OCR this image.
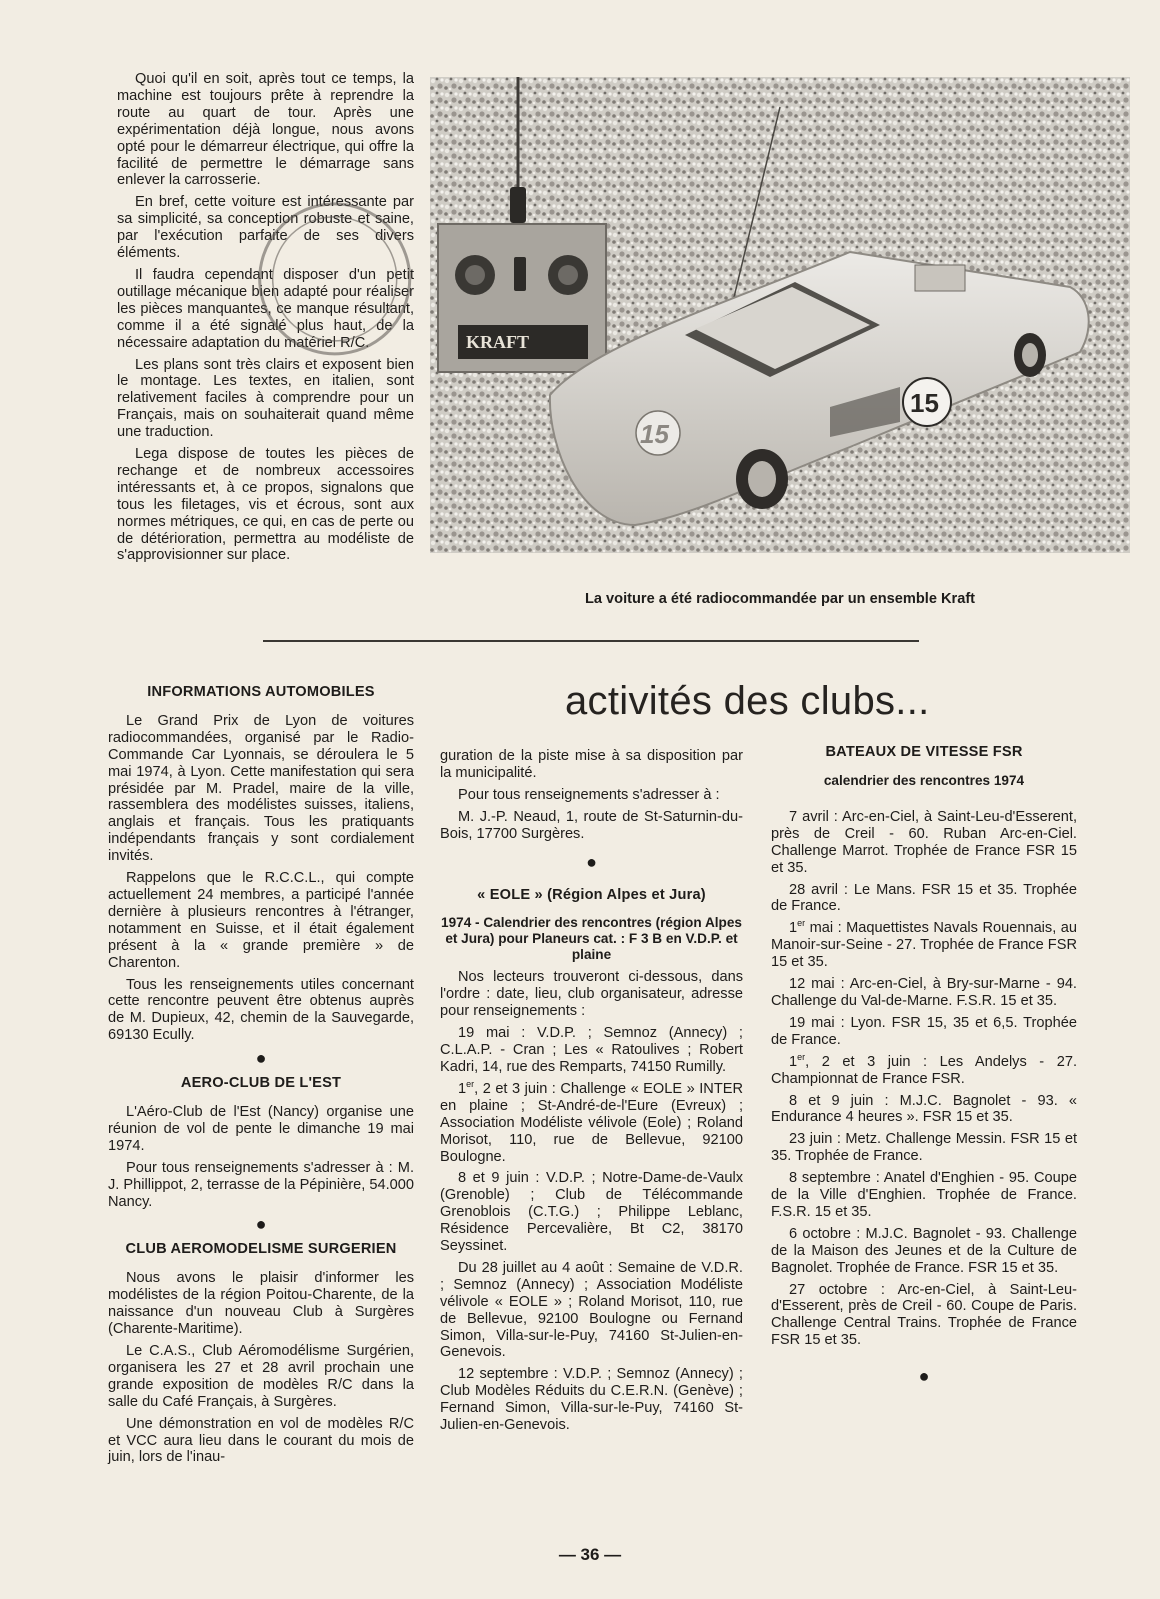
Quoi qu'il en soit, après tout ce temps, la machine est toujours prête à reprendre la route au quart de tour. Après une expérimentation déjà longue, nous avons opté pour le démarreur électrique, qui offre la facilité de permettre le démarrage sans enlever la carrosserie.

En bref, cette voiture est intéressante par sa simplicité, sa conception robuste et saine, par l'exécution parfaite de ses divers éléments.

Il faudra cependant disposer d'un petit outillage mécanique bien adapté pour réaliser les pièces manquantes, ce manque résultant, comme il a été signalé plus haut, de la nécessaire adaptation du matériel R/C.

Les plans sont très clairs et exposent bien le montage. Les textes, en italien, sont relativement faciles à comprendre pour un Français, mais on souhaiterait quand même une traduction.

Lega dispose de toutes les pièces de rechange et de nombreux accessoires intéressants et, à ce propos, signalons que tous les filetages, vis et écrous, sont aux normes métriques, ce qui, en cas de perte ou de détérioration, permettra au modéliste de s'approvisionner sur place.

KRAFT
15
15
La voiture a été radiocommandée par un ensemble Kraft
activités des clubs...
INFORMATIONS AUTOMOBILES

Le Grand Prix de Lyon de voitures radiocommandées, organisé par le Radio-Commande Car Lyonnais, se déroulera le 5 mai 1974, à Lyon. Cette manifestation qui sera présidée par M. Pradel, maire de la ville, rassemblera des modélistes suisses, italiens, anglais et français. Tous les pratiquants indépendants français y sont cordialement invités.

Rappelons que le R.C.C.L., qui compte actuellement 24 membres, a participé l'année dernière à plusieurs rencontres à l'étranger, notamment en Suisse, et il était également présent à la « grande première » de Charenton.

Tous les renseignements utiles concernant cette rencontre peuvent être obtenus auprès de M. Dupieux, 42, chemin de la Sauvegarde, 69130 Ecully.

●
AERO-CLUB DE L'EST

L'Aéro-Club de l'Est (Nancy) organise une réunion de vol de pente le dimanche 19 mai 1974.

Pour tous renseignements s'adresser à : M. J. Phillippot, 2, terrasse de la Pépinière, 54.000 Nancy.

●
CLUB AEROMODELISME SURGERIEN

Nous avons le plaisir d'informer les modélistes de la région Poitou-Charente, de la naissance d'un nouveau Club à Surgères (Charente-Maritime).

Le C.A.S., Club Aéromodélisme Surgérien, organisera les 27 et 28 avril prochain une grande exposition de modèles R/C dans la salle du Café Français, à Surgères.

Une démonstration en vol de modèles R/C et VCC aura lieu dans le courant du mois de juin, lors de l'inau-

guration de la piste mise à sa disposition par la municipalité.

Pour tous renseignements s'adresser à :

M. J.-P. Neaud, 1, route de St-Saturnin-du-Bois, 17700 Surgères.

●
« EOLE » (Région Alpes et Jura)
1974 - Calendrier des rencontres (région Alpes et Jura) pour Planeurs cat. : F 3 B en V.D.P. et plaine

Nos lecteurs trouveront ci-dessous, dans l'ordre : date, lieu, club organisateur, adresse pour renseignements :

19 mai : V.D.P. ; Semnoz (Annecy) ; C.L.A.P. - Cran ; Les « Ratoulives ; Robert Kadri, 14, rue des Remparts, 74150 Rumilly.

1er, 2 et 3 juin : Challenge « EOLE » INTER en plaine ; St-André-de-l'Eure (Evreux) ; Association Modéliste vélivole (Eole) ; Roland Morisot, 110, rue de Bellevue, 92100 Boulogne.

8 et 9 juin : V.D.P. ; Notre-Dame-de-Vaulx (Grenoble) ; Club de Télécommande Grenoblois (C.T.G.) ; Philippe Leblanc, Résidence Percevalière, Bt C2, 38170 Seyssinet.

Du 28 juillet au 4 août : Semaine de V.D.R. ; Semnoz (Annecy) ; Association Modéliste vélivole « EOLE » ; Roland Morisot, 110, rue de Bellevue, 92100 Boulogne ou Fernand Simon, Villa-sur-le-Puy, 74160 St-Julien-en-Genevois.

12 septembre : V.D.P. ; Semnoz (Annecy) ; Club Modèles Réduits du C.E.R.N. (Genève) ; Fernand Simon, Villa-sur-le-Puy, 74160 St-Julien-en-Genevois.

BATEAUX DE VITESSE FSR
calendrier des rencontres 1974

7 avril : Arc-en-Ciel, à Saint-Leu-d'Esserent, près de Creil - 60. Ruban Arc-en-Ciel. Challenge Marrot. Trophée de France FSR 15 et 35.

28 avril : Le Mans. FSR 15 et 35. Trophée de France.

1er mai : Maquettistes Navals Rouennais, au Manoir-sur-Seine - 27. Trophée de France FSR 15 et 35.

12 mai : Arc-en-Ciel, à Bry-sur-Marne - 94. Challenge du Val-de-Marne. F.S.R. 15 et 35.

19 mai : Lyon. FSR 15, 35 et 6,5. Trophée de France.

1er, 2 et 3 juin : Les Andelys - 27. Championnat de France FSR.

8 et 9 juin : M.J.C. Bagnolet - 93. « Endurance 4 heures ». FSR 15 et 35.

23 juin : Metz. Challenge Messin. FSR 15 et 35. Trophée de France.

8 septembre : Anatel d'Enghien - 95. Coupe de la Ville d'Enghien. Trophée de France. F.S.R. 15 et 35.

6 octobre : M.J.C. Bagnolet - 93. Challenge de la Maison des Jeunes et de la Culture de Bagnolet. Trophée de France. FSR 15 et 35.

27 octobre : Arc-en-Ciel, à Saint-Leu-d'Esserent, près de Creil - 60. Coupe de Paris. Challenge Central Trains. Trophée de France FSR 15 et 35.

●
— 36 —
